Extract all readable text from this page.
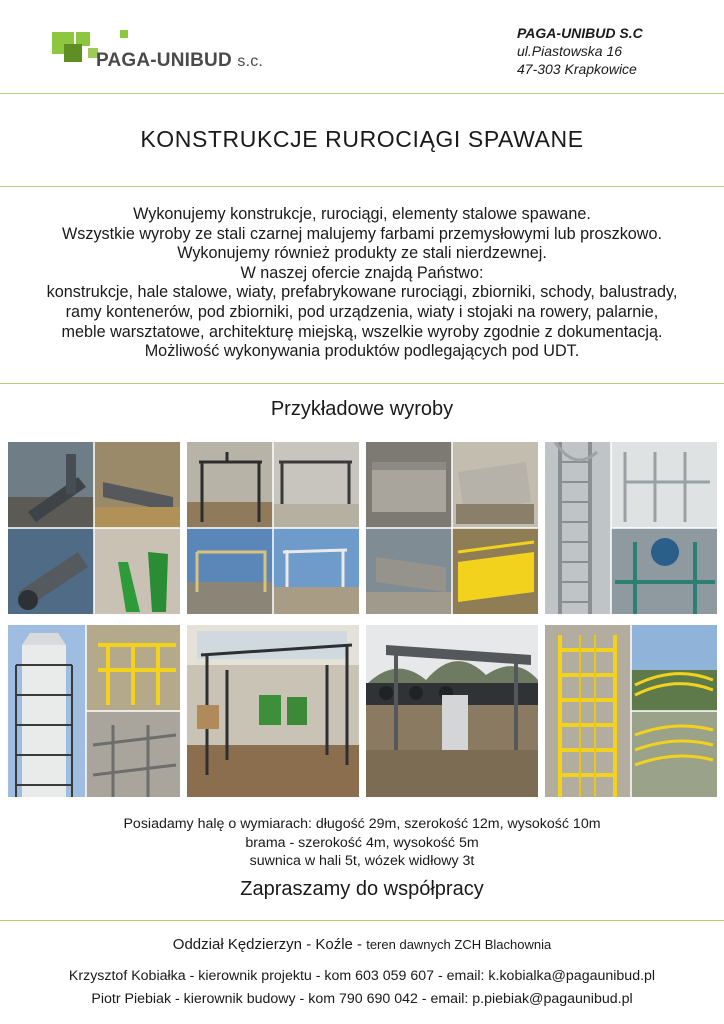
PAGA-UNIBUD s.c.
PAGA-UNIBUD S.C
ul.Piastowska 16
47-303 Krapkowice
KONSTRUKCJE RUROCIĄGI SPAWANE
Wykonujemy konstrukcje, rurociągi, elementy stalowe spawane.
Wszystkie wyroby ze stali czarnej malujemy farbami przemysłowymi lub proszkowo.
Wykonujemy również produkty ze stali nierdzewnej.
W naszej ofercie znajdą Państwo:
konstrukcje, hale stalowe, wiaty, prefabrykowane rurociągi, zbiorniki, schody, balustrady,
ramy kontenerów, pod zbiorniki, pod urządzenia, wiaty i stojaki na rowery, palarnie,
meble warsztatowe, architekturę miejską, wszelkie wyroby zgodnie z dokumentacją.
Możliwość wykonywania produktów podlegających pod UDT.
Przykładowe wyroby
Posiadamy halę o wymiarach: długość 29m, szerokość 12m, wysokość 10m
brama - szerokość 4m, wysokość 5m
suwnica w hali 5t, wózek widłowy 3t
Zapraszamy do współpracy
Oddział Kędzierzyn - Koźle - teren dawnych ZCH Blachownia
Krzysztof Kobiałka - kierownik projektu - kom 603 059 607 - email: k.kobialka@pagaunibud.pl
Piotr Piebiak - kierownik budowy - kom 790 690 042 - email: p.piebiak@pagaunibud.pl
